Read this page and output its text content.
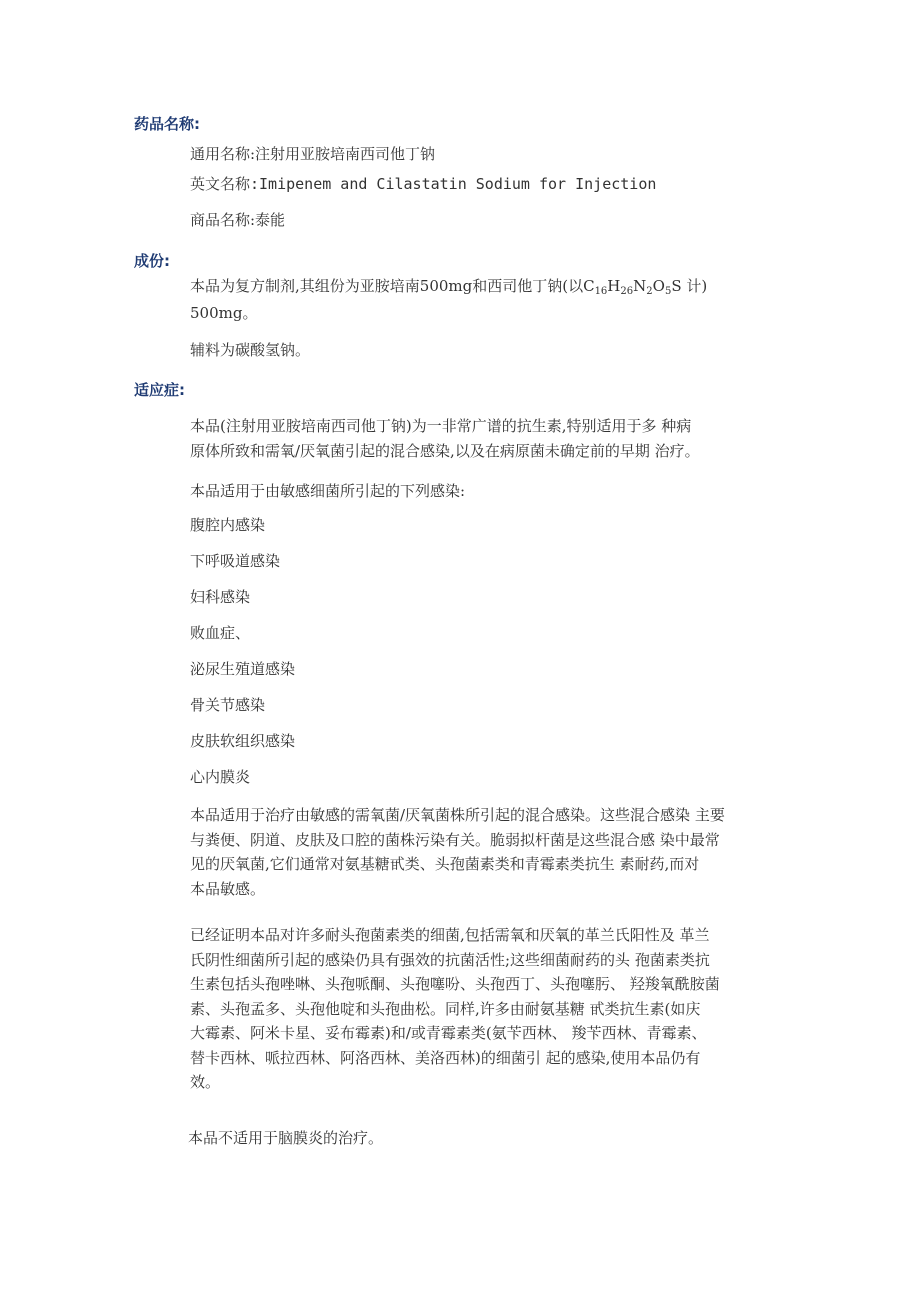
药品名称:
通用名称:注射用亚胺培南西司他丁钠
英文名称:Imipenem and Cilastatin Sodium for Injection
商品名称:泰能
成份:
本品为复方制剂,其组份为亚胺培南500mg和西司他丁钠(以$C_{16}H_{26}N_2O_5S$ 计)
500mg。
辅料为碳酸氢钠。
适应症:
本品(注射用亚胺培南西司他丁钠)为一非常广谱的抗生素,特别适用于多 种病
原体所致和需氧/厌氧菌引起的混合感染,以及在病原菌未确定前的早期 治疗。
本品适用于由敏感细菌所引起的下列感染:
腹腔内感染
下呼吸道感染
妇科感染
败血症、
泌尿生殖道感染
骨关节感染
皮肤软组织感染
心内膜炎
本品适用于治疗由敏感的需氧菌/厌氧菌株所引起的混合感染。这些混合感染 主要
与粪便、阴道、皮肤及口腔的菌株污染有关。脆弱拟杆菌是这些混合感 染中最常
见的厌氧菌,它们通常对氨基糖甙类、头孢菌素类和青霉素类抗生 素耐药,而对
本品敏感。
已经证明本品对许多耐头孢菌素类的细菌,包括需氧和厌氧的革兰氏阳性及 革兰
氏阴性细菌所引起的感染仍具有强效的抗菌活性;这些细菌耐药的头 孢菌素类抗
生素包括头孢唑啉、头孢哌酮、头孢噻吩、头孢西丁、头孢噻肟、 羟羧氧酰胺菌
素、头孢孟多、头孢他啶和头孢曲松。同样,许多由耐氨基糖 甙类抗生素(如庆
大霉素、阿米卡星、妥布霉素)和/或青霉素类(氨苄西林、 羧苄西林、青霉素、
替卡西林、哌拉西林、阿洛西林、美洛西林)的细菌引 起的感染,使用本品仍有
效。
本品不适用于脑膜炎的治疗。
